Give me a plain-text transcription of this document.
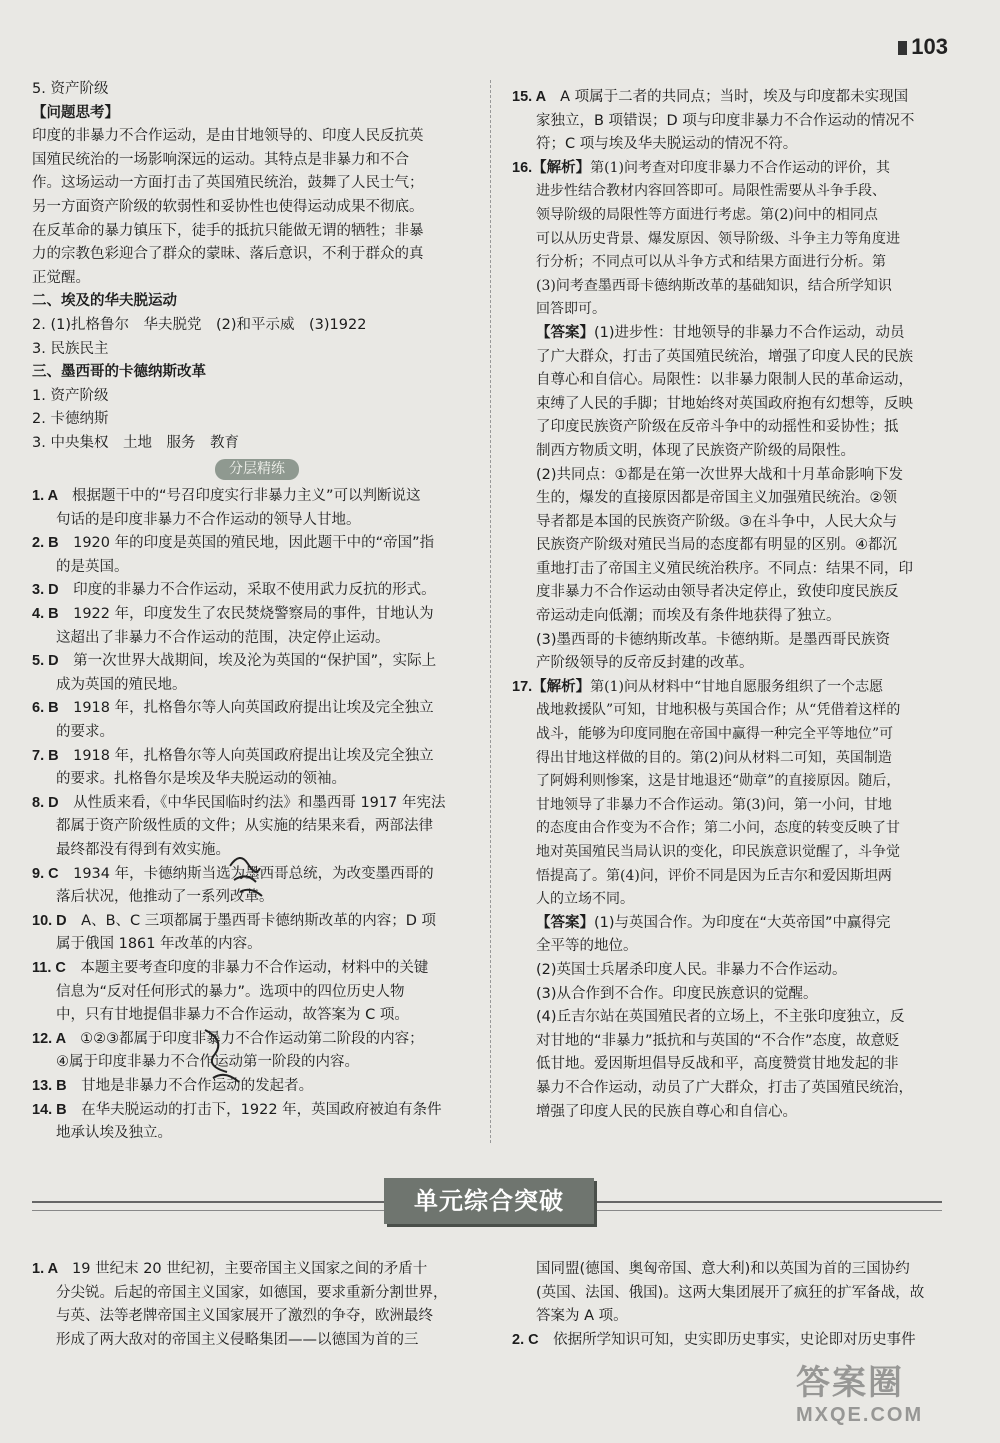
103

5. 资产阶级

【问题思考】

印度的非暴力不合作运动，是由甘地领导的、印度人民反抗英

国殖民统治的一场影响深远的运动。其特点是非暴力和不合

作。这场运动一方面打击了英国殖民统治，鼓舞了人民士气；

另一方面资产阶级的软弱性和妥协性也使得运动成果不彻底。

在反革命的暴力镇压下，徒手的抵抗只能做无谓的牺牲；非暴

力的宗教色彩迎合了群众的蒙昧、落后意识，不利于群众的真

正觉醒。

二、埃及的华夫脱运动

2. (1)扎格鲁尔　华夫脱党　(2)和平示威　(3)1922

3. 民族民主

三、墨西哥的卡德纳斯改革

1. 资产阶级

2. 卡德纳斯

3. 中央集权　土地　服务　教育

分层精练

1. A　根据题干中的“号召印度实行非暴力主义”可以判断说这

句话的是印度非暴力不合作运动的领导人甘地。

2. B　1920 年的印度是英国的殖民地，因此题干中的“帝国”指

的是英国。

3. D　印度的非暴力不合作运动，采取不使用武力反抗的形式。

4. B　1922 年，印度发生了农民焚烧警察局的事件，甘地认为

这超出了非暴力不合作运动的范围，决定停止运动。

5. D　第一次世界大战期间，埃及沦为英国的“保护国”，实际上

成为英国的殖民地。

6. B　1918 年，扎格鲁尔等人向英国政府提出让埃及完全独立

的要求。

7. B　1918 年，扎格鲁尔等人向英国政府提出让埃及完全独立

的要求。扎格鲁尔是埃及华夫脱运动的领袖。

8. D　从性质来看，《中华民国临时约法》和墨西哥 1917 年宪法

都属于资产阶级性质的文件；从实施的结果来看，两部法律

最终都没有得到有效实施。

9. C　1934 年，卡德纳斯当选为墨西哥总统，为改变墨西哥的

落后状况，他推动了一系列改革。

10. D　A、B、C 三项都属于墨西哥卡德纳斯改革的内容；D 项

属于俄国 1861 年改革的内容。

11. C　本题主要考查印度的非暴力不合作运动，材料中的关键

信息为“反对任何形式的暴力”。选项中的四位历史人物

中，只有甘地提倡非暴力不合作运动，故答案为 C 项。

12. A　①②③都属于印度非暴力不合作运动第二阶段的内容；

④属于印度非暴力不合作运动第一阶段的内容。

13. B　甘地是非暴力不合作运动的发起者。

14. B　在华夫脱运动的打击下，1922 年，英国政府被迫有条件

地承认埃及独立。

15. A　A 项属于二者的共同点；当时，埃及与印度都未实现国

家独立，B 项错误；D 项与印度非暴力不合作运动的情况不

符；C 项与埃及华夫脱运动的情况不符。

16.【解析】第(1)问考查对印度非暴力不合作运动的评价，其

进步性结合教材内容回答即可。局限性需要从斗争手段、

领导阶级的局限性等方面进行考虑。第(2)问中的相同点

可以从历史背景、爆发原因、领导阶级、斗争主力等角度进

行分析；不同点可以从斗争方式和结果方面进行分析。第

(3)问考查墨西哥卡德纳斯改革的基础知识，结合所学知识

回答即可。

【答案】(1)进步性：甘地领导的非暴力不合作运动，动员

了广大群众，打击了英国殖民统治，增强了印度人民的民族

自尊心和自信心。局限性：以非暴力限制人民的革命运动，

束缚了人民的手脚；甘地始终对英国政府抱有幻想等，反映

了印度民族资产阶级在反帝斗争中的动摇性和妥协性；抵

制西方物质文明，体现了民族资产阶级的局限性。

(2)共同点：①都是在第一次世界大战和十月革命影响下发

生的，爆发的直接原因都是帝国主义加强殖民统治。②领

导者都是本国的民族资产阶级。③在斗争中，人民大众与

民族资产阶级对殖民当局的态度都有明显的区别。④都沉

重地打击了帝国主义殖民统治秩序。不同点：结果不同，印

度非暴力不合作运动由领导者决定停止，致使印度民族反

帝运动走向低潮；而埃及有条件地获得了独立。

(3)墨西哥的卡德纳斯改革。卡德纳斯。是墨西哥民族资

产阶级领导的反帝反封建的改革。

17.【解析】第(1)问从材料中“甘地自愿服务组织了一个志愿

战地救援队”可知，甘地积极与英国合作；从“凭借着这样的

战斗，能够为印度同胞在帝国中赢得一种完全平等地位”可

得出甘地这样做的目的。第(2)问从材料二可知，英国制造

了阿姆利则惨案，这是甘地退还“勋章”的直接原因。随后，

甘地领导了非暴力不合作运动。第(3)问，第一小问，甘地

的态度由合作变为不合作；第二小问，态度的转变反映了甘

地对英国殖民当局认识的变化，印民族意识觉醒了，斗争觉

悟提高了。第(4)问，评价不同是因为丘吉尔和爱因斯坦两

人的立场不同。

【答案】(1)与英国合作。为印度在“大英帝国”中赢得完

全平等的地位。

(2)英国士兵屠杀印度人民。非暴力不合作运动。

(3)从合作到不合作。印度民族意识的觉醒。

(4)丘吉尔站在英国殖民者的立场上，不主张印度独立，反

对甘地的“非暴力”抵抗和与英国的“不合作”态度，故意贬

低甘地。爱因斯坦倡导反战和平，高度赞赏甘地发起的非

暴力不合作运动，动员了广大群众，打击了英国殖民统治，

增强了印度人民的民族自尊心和自信心。

单元综合突破

1. A　19 世纪末 20 世纪初，主要帝国主义国家之间的矛盾十

分尖锐。后起的帝国主义国家，如德国，要求重新分割世界，

与英、法等老牌帝国主义国家展开了激烈的争夺，欧洲最终

形成了两大敌对的帝国主义侵略集团——以德国为首的三

国同盟(德国、奥匈帝国、意大利)和以英国为首的三国协约

(英国、法国、俄国)。这两大集团展开了疯狂的扩军备战，故

答案为 A 项。

2. C　依据所学知识可知，史实即历史事实，史论即对历史事件

答案圈
MXQE.COM
